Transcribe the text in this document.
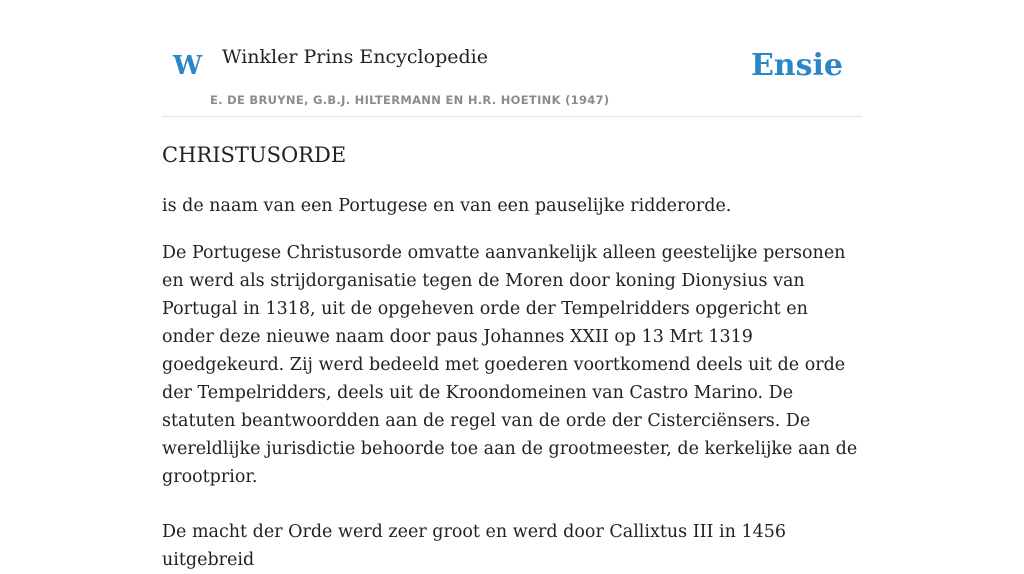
W Winkler Prins Encyclopedie
E. DE BRUYNE, G.B.J. HILTERMANN EN H.R. HOETINK (1947)
Ensie
CHRISTUSORDE

is de naam van een Portugese en van een pauselijke ridderorde.

De Portugese Christusorde omvatte aanvankelijk alleen geestelijke personen en werd als strijdorganisatie tegen de Moren door koning Dionysius van Portugal in 1318, uit de opgeheven orde der Tempelridders opgericht en onder deze nieuwe naam door paus Johannes XXII op 13 Mrt 1319 goedgekeurd. Zij werd bedeeld met goederen voortkomend deels uit de orde der Tempelridders, deels uit de Kroondomeinen van Castro Marino. De statuten beantwoordden aan de regel van de orde der Cisterciënsers. De wereldlijke jurisdictie behoorde toe aan de grootmeester, de kerkelijke aan de grootprior.

De macht der Orde werd zeer groot en werd door Callixtus III in 1456 uitgebreid
